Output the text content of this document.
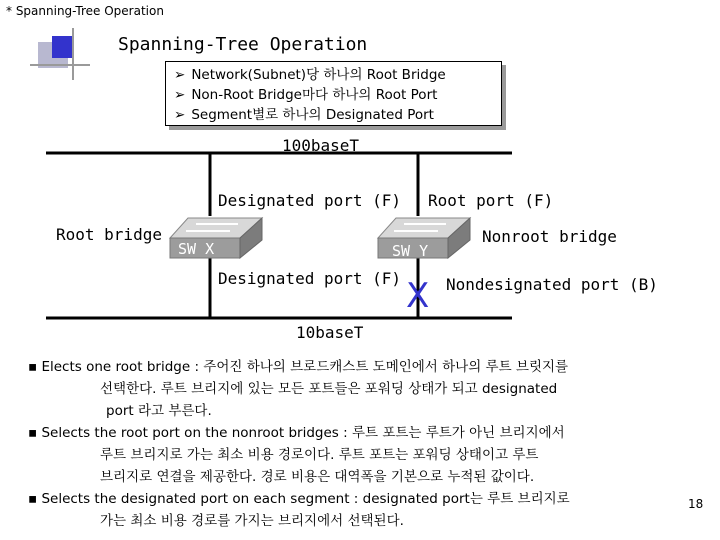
* Spanning-Tree Operation
Spanning-Tree Operation
➢ Network(Subnet)당 하나의 Root Bridge
➢ Non-Root Bridge마다 하나의 Root Port
➢ Segment별로 하나의 Designated Port
100baseT
10baseT
Root bridge	Nonroot bridge
SW X	SW Y
Designated port (F) Root port (F)
Designated port (F)	Nondesignated port (B)
X
▪ Elects one root bridge : 주어진 하나의 브로드캐스트 도메인에서 하나의 루트 브릿지를
선택한다. 루트 브리지에 있는 모든 포트들은 포워딩 상태가 되고 designated
port 라고 부른다.
▪ Selects the root port on the nonroot bridges : 루트 포트는 루트가 아닌 브리지에서
루트 브리지로 가는 최소 비용 경로이다. 루트 포트는 포워딩 상태이고 루트
브리지로 연결을 제공한다. 경로 비용은 대역폭을 기본으로 누적된 값이다.
▪ Selects the designated port on each segment : designated port는 루트 브리지로
가는 최소 비용 경로를 가지는 브리지에서 선택된다.
18
